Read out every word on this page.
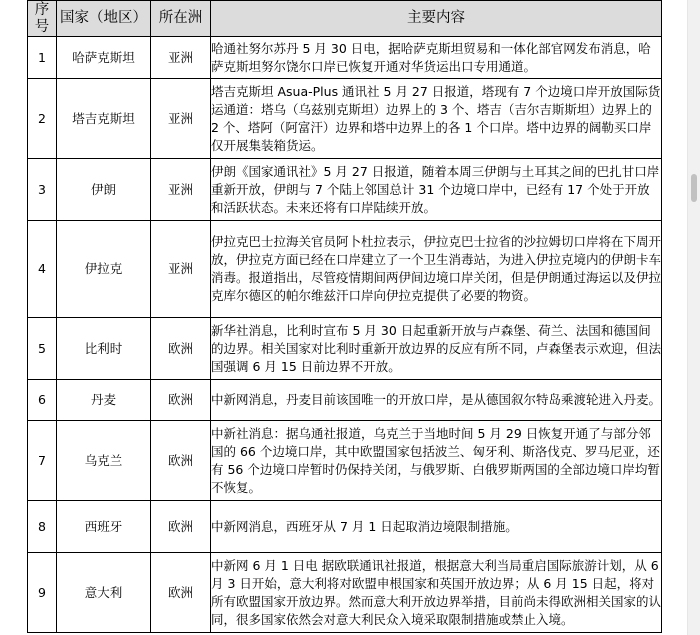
序号	国家（地区）	所在洲	主要内容
1	哈萨克斯坦	亚洲	哈通社努尔苏丹 5 月 30 日电，据哈萨克斯坦贸易和一体化部官网发布消息，哈萨克斯坦努尔饶尔口岸已恢复开通对华货运出口专用通道。
2	塔吉克斯坦	亚洲	塔吉克斯坦 Asua-Plus 通讯社 5 月 27 日报道，塔现有 7 个边境口岸开放国际货运通道：塔乌（乌兹别克斯坦）边界上的 3 个、塔吉（吉尔吉斯斯坦）边界上的 2 个、塔阿（阿富汗）边界和塔中边界上的各 1 个口岸。塔中边界的阔勒买口岸仅开展集装箱货运。
3	伊朗	亚洲	伊朗《国家通讯社》5 月 27 日报道，随着本周三伊朗与土耳其之间的巴扎甘口岸重新开放，伊朗与 7 个陆上邻国总计 31 个边境口岸中，已经有 17 个处于开放和活跃状态。未来还将有口岸陆续开放。
4	伊拉克	亚洲	伊拉克巴士拉海关官员阿卜杜拉表示，伊拉克巴士拉省的沙拉姆切口岸将在下周开放，伊拉克方面已经在口岸建立了一个卫生消毒站，为进入伊拉克境内的伊朗卡车消毒。报道指出，尽管疫情期间两伊间边境口岸关闭，但是伊朗通过海运以及伊拉克库尔德区的帕尔维兹汗口岸向伊拉克提供了必要的物资。
5	比利时	欧洲	新华社消息，比利时宣布 5 月 30 日起重新开放与卢森堡、荷兰、法国和德国间的边界。相关国家对比利时重新开放边界的反应有所不同，卢森堡表示欢迎，但法国强调 6 月 15 日前边界不开放。
6	丹麦	欧洲	中新网消息，丹麦目前该国唯一的开放口岸，是从德国叙尔特岛乘渡轮进入丹麦。
7	乌克兰	欧洲	中新社消息：据乌通社报道，乌克兰于当地时间 5 月 29 日恢复开通了与部分邻国的 66 个边境口岸，其中欧盟国家包括波兰、匈牙利、斯洛伐克、罗马尼亚，还有 56 个边境口岸暂时仍保持关闭，与俄罗斯、白俄罗斯两国的全部边境口岸均暂不恢复。
8	西班牙	欧洲	中新网消息，西班牙从 7 月 1 日起取消边境限制措施。
9	意大利	欧洲	中新网 6 月 1 日电 据欧联通讯社报道，根据意大利当局重启国际旅游计划，从 6 月 3 日开始，意大利将对欧盟申根国家和英国开放边界；从 6 月 15 日起，将对所有欧盟国家开放边界。然而意大利开放边界举措，目前尚未得欧洲相关国家的认同，很多国家依然会对意大利民众入境采取限制措施或禁止入境。
